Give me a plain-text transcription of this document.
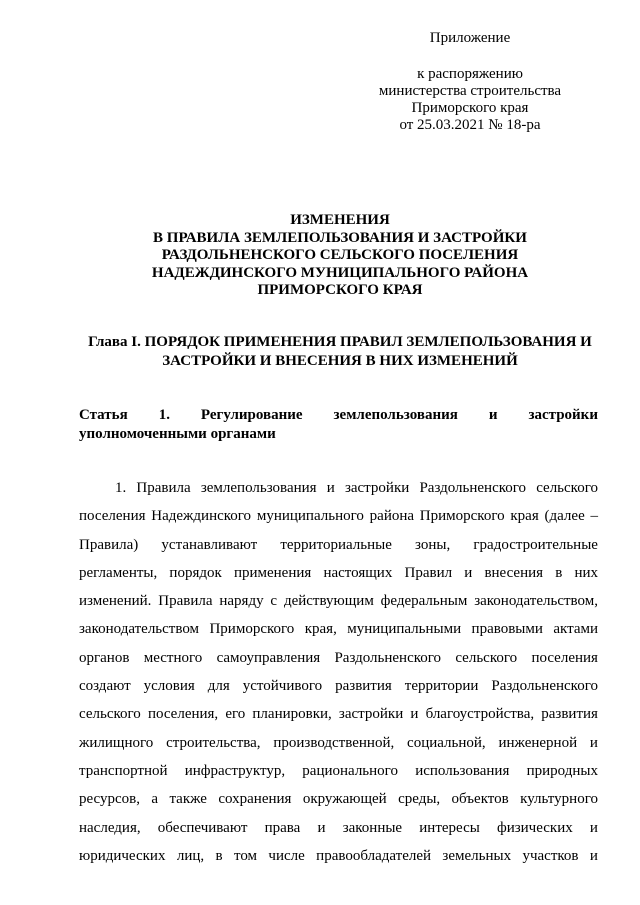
Приложение
к распоряжению
министерства строительства
Приморского края
от 25.03.2021 № 18-ра
ИЗМЕНЕНИЯ
В ПРАВИЛА ЗЕМЛЕПОЛЬЗОВАНИЯ И ЗАСТРОЙКИ
РАЗДОЛЬНЕНСКОГО СЕЛЬСКОГО ПОСЕЛЕНИЯ
НАДЕЖДИНСКОГО МУНИЦИПАЛЬНОГО РАЙОНА
ПРИМОРСКОГО КРАЯ
Глава I. ПОРЯДОК ПРИМЕНЕНИЯ ПРАВИЛ ЗЕМЛЕПОЛЬЗОВАНИЯ И
ЗАСТРОЙКИ И ВНЕСЕНИЯ В НИХ ИЗМЕНЕНИЙ
Статья 1. Регулирование землепользования и застройки
уполномоченными органами
1. Правила землепользования и застройки Раздольненского сельского
поселения Надеждинского муниципального района Приморского края (далее –
Правила) устанавливают территориальные зоны, градостроительные
регламенты, порядок применения настоящих Правил и внесения в них
изменений. Правила наряду с действующим федеральным законодательством,
законодательством Приморского края, муниципальными правовыми актами
органов местного самоуправления Раздольненского сельского поселения
создают условия для устойчивого развития территории Раздольненского
сельского поселения, его планировки, застройки и благоустройства, развития
жилищного строительства, производственной, социальной, инженерной и
транспортной инфраструктур, рационального использования природных
ресурсов, а также сохранения окружающей среды, объектов культурного
наследия, обеспечивают права и законные интересы физических и
юридических лиц, в том числе правообладателей земельных участков и
